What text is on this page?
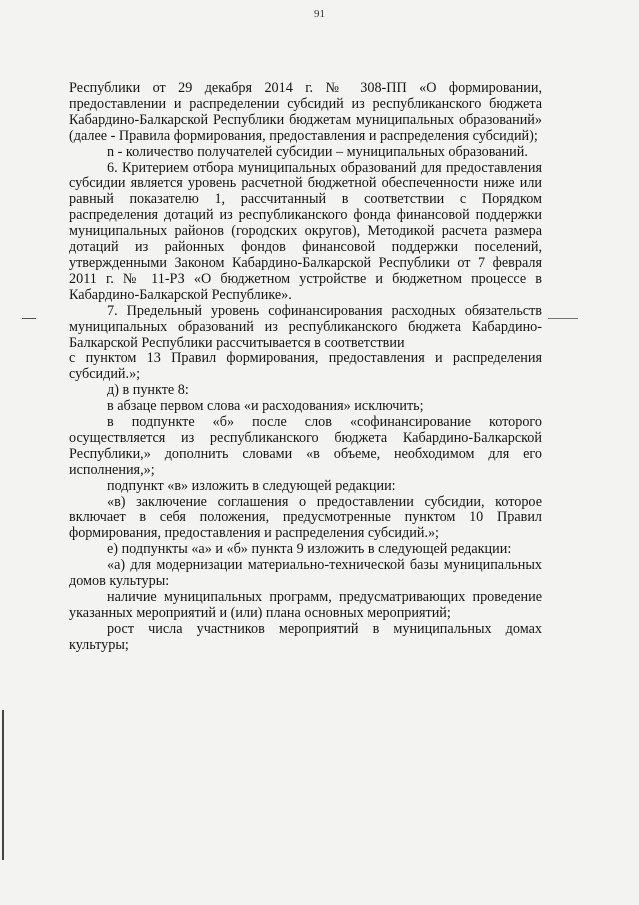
91

Республики от 29 декабря 2014 г. № 308-ПП «О формировании, предоставлении и распределении субсидий из республиканского бюджета Кабардино-Балкарской Республики бюджетам муниципальных образований» (далее - Правила формирования, предоставления и распределения субсидий);

n - количество получателей субсидии – муниципальных образований.

6. Критерием отбора муниципальных образований для предоставления субсидии является уровень расчетной бюджетной обеспеченности ниже или равный показателю 1, рассчитанный в соответствии с Порядком распределения дотаций из республиканского фонда финансовой поддержки муниципальных районов (городских округов), Методикой расчета размера дотаций из районных фондов финансовой поддержки поселений, утвержденными Законом Кабардино-Балкарской Республики от 7 февраля 2011 г. № 11-РЗ «О бюджетном устройстве и бюджетном процессе в Кабардино-Балкарской Республике».

7. Предельный уровень софинансирования расходных обязательств муниципальных образований из республиканского бюджета Кабардино-Балкарской Республики рассчитывается в соответствии

с пунктом 13 Правил формирования, предоставления и распределения субсидий.»;

д) в пункте 8:

в абзаце первом слова «и расходования» исключить;

в подпункте «б» после слов «софинансирование которого осуществляется из республиканского бюджета Кабардино-Балкарской Республики,» дополнить словами «в объеме, необходимом для его исполнения,»;

подпункт «в» изложить в следующей редакции:

«в) заключение соглашения о предоставлении субсидии, которое включает в себя положения, предусмотренные пунктом 10 Правил формирования, предоставления и распределения субсидий.»;

е) подпункты «а» и «б» пункта 9 изложить в следующей редакции:

«а) для модернизации материально-технической базы муниципальных домов культуры:

наличие муниципальных программ, предусматривающих проведение указанных мероприятий и (или) плана основных мероприятий;

рост числа участников мероприятий в муниципальных домах культуры;
